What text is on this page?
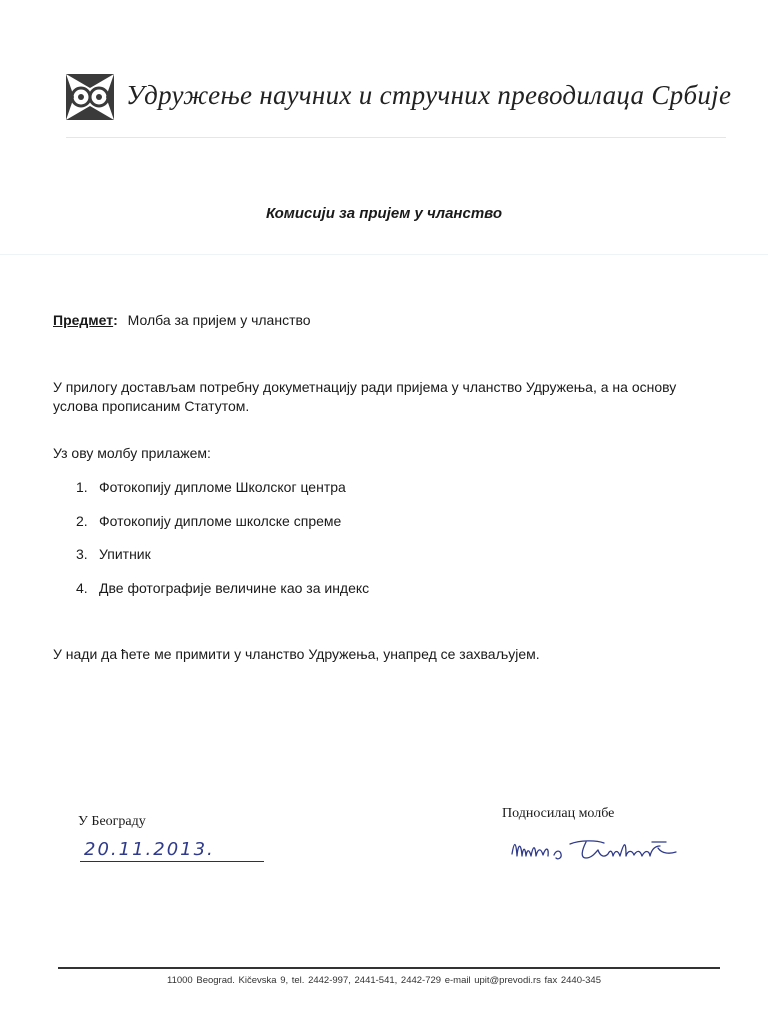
Удружење научних и стручних преводилаца Србије
Комисији за пријем у чланство
Предмет: Молба за пријем у чланство
У прилогу достављам потребну докуметнацију ради пријема у чланство Удружења, а на основу услова прописаним Статутом.
Уз ову молбу прилажем:
1. Фотокопију дипломе Школског центра
2. Фотокопију дипломе школске спреме
3. Упитник
4. Две фотографије величине као за индекс
У нади да ћете ме примити у чланство Удружења, унапред се захваљујем.
У Београду
20.11.2013.
Подносилац молбе
11000 Beograd. Kičevska 9, tel. 2442-997, 2441-541, 2442-729 e-mail upit@prevodi.rs fax 2440-345
